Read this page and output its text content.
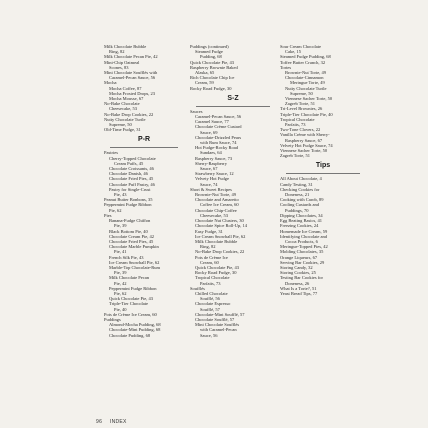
Milk Chocolate Bubble
Ring, 82
Milk Chocolate Pecan Pie, 42
Mini-Chip Oatmeal
Scones, 83
Mini Chocolate Soufflés with
Caramel-Pecan Sauce, 56
Mocha
Mocha Coffee, 87
Mocha Frosted Drops, 23
Mocha Mousse, 67
No-Bake Chocolate
Cheesecake, 53
No-Bake Drop Cookies, 22
Nutty Chocolate Turtle
Supreme, 50
Old-Time Fudge, 31
P-R
Pastries
Cherry-Topped Chocolate
Cream Puffs, 45
Chocolate Croissants, 46
Chocolate Danish, 46
Chocolate Fried Pies, 45
Chocolate Puff Pastry, 46
Pastry for Single-Crust
Pie, 43
Peanut Butter Bonbons, 35
Peppermint Fudge Ribbon
Pie, 62
Pies
Banana-Fudge Chiffon
Pie, 39
Black Bottom Pie, 40
Chocolate Cream Pie, 42
Chocolate Fried Pies, 45
Chocolate Marble Pumpkin
Pie, 41
French Silk Pie, 43
Ice Cream Snowball Pie, 62
Marble-Top Chocolate-Rum
Pie, 39
Milk Chocolate Pecan
Pie, 42
Peppermint Fudge Ribbon
Pie, 62
Quick Chocolate Pie, 43
Triple-Tier Chocolate
Pie, 40
Pots de Crème Ice Cream, 60
Puddings
Almond-Mocha Pudding, 68
Chocolate-Mint Pudding, 68
Chocolate Pudding, 68
Puddings (continued)
Steamed Fudge
Pudding, 68
Quick Chocolate Pie, 43
Raspberry Brownie Baked
Alaska, 65
Rich Chocolate Chip Ice
Cream, 59
Rocky Road Fudge, 30
S-Z
Sauces
Caramel-Pecan Sauce, 56
Caramel Sauce, 77
Chocolate Crème Custard
Sauce, 69
Chocolate-Drizzled Pears
with Rum Sauce, 74
Hot Fudge-Rocky Road
Sundaes, 64
Raspberry Sauce, 73
Sherry-Raspberry
Sauce, 67
Strawberry Sauce, 12
Velvety Hot Fudge
Sauce, 74
Short & Sweet Recipes
Brownie-Nut Torte, 49
Chocolate and Amaretto
Coffee Ice Cream, 60
Chocolate Chip-Coffee
Cheesecake, 53
Chocolate Nut Clusters, 30
Chocolate Spice Roll-Up, 14
Easy Fudge, 31
Ice Cream Snowball Pie, 62
Milk Chocolate Bubble
Ring, 82
No-Bake Drop Cookies, 22
Pots de Crème Ice
Cream, 60
Quick Chocolate Pie, 43
Rocky Road Fudge, 30
Tropical Chocolate
Parfaits, 73
Soufflés
Chilled Chocolate
Soufflé, 56
Chocolate Espresso
Soufflé, 57
Chocolate-Mint Soufflé, 57
Chocolate Soufflé, 57
Mini Chocolate Soufflés
with Caramel-Pecan
Sauce, 56
Sour Cream Chocolate
Cake, 15
Steamed Fudge Pudding, 68
Toffee Butter Crunch, 32
Tortes
Brownie-Nut Torte, 49
Chocolate-Cinnamon
Meringue Torte, 49
Nutty Chocolate Turtle
Supreme, 50
Viennese Sacher Torte, 50
Zagreb Torte, 51
Tri-Level Brownies, 26
Triple-Tier Chocolate Pie, 40
Tropical Chocolate
Parfaits, 73
Two-Tone Clovers, 22
Vanilla Crème with Sherry-
Raspberry Sauce, 67
Velvety Hot Fudge Sauce, 74
Viennese Sacher Torte, 50
Zagreb Torte, 51
Tips
All About Chocolate, 4
Candy Testing, 31
Checking Cookies for
Doneness, 21
Cooking with Carob, 89
Cooling Custards and
Puddings, 70
Dipping Chocolates, 34
Egg Beating Basics, 41
Freezing Cookies, 24
Homemade Ice Cream, 59
Identifying Chocolate and
Cocoa Products, 6
Meringue-Topped Pies, 42
Molding Chocolates, 35
Orange Liqueurs, 67
Serving Bar Cookies, 29
Storing Candy, 32
Storing Cookies, 25
Testing Bar Cookies for
Doneness, 26
What Is a Torte?, 51
Yeast Bread Tips, 77
96 INDEX
